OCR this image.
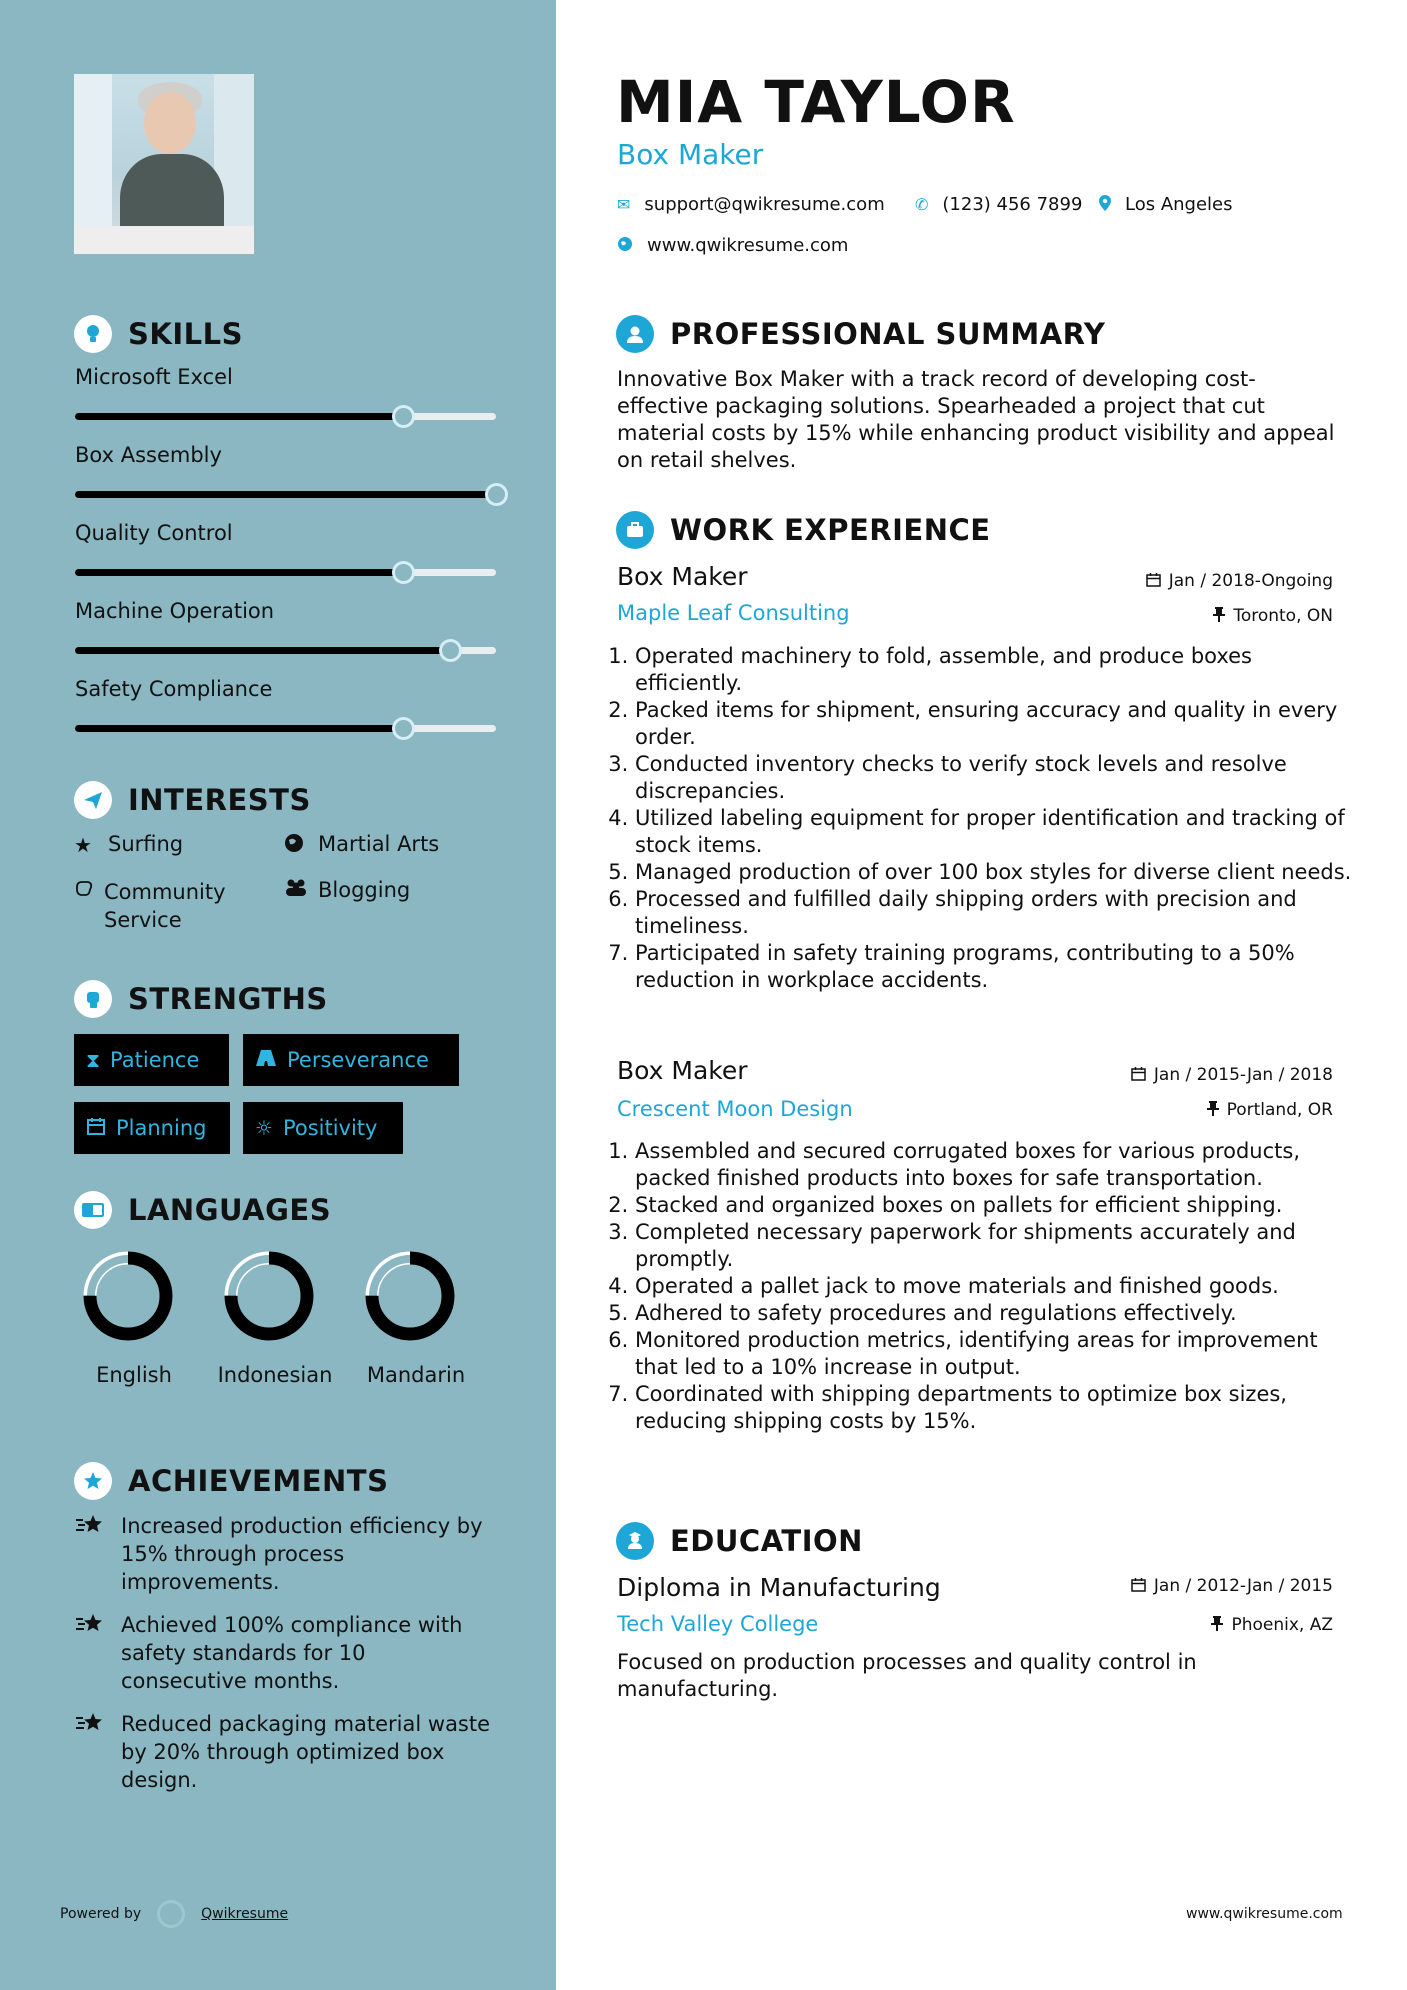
SKILLS
Microsoft Excel
Box Assembly
Quality Control
Machine Operation
Safety Compliance
INTERESTS
★ Surfing	Martial Arts
Community Service
Blogging
STRENGTHS
⧗ Patience	Perseverance
Planning ☼ Positivity
LANGUAGES
English	Indonesian	Mandarin
ACHIEVEMENTS
Increased production efficiency by 15% through process improvements.
Achieved 100% compliance with safety standards for 10 consecutive months.
Reduced packaging material waste by 20% through optimized box design.
Powered by	Qwikresume	www.qwikresume.com
MIA TAYLOR
Box Maker
✉ support@qwikresume.com ✆ (123) 456 7899 Los Angeles
www.qwikresume.com
PROFESSIONAL SUMMARY
Innovative Box Maker with a track record of developing cost-effective packaging solutions. Spearheaded a project that cut material costs by 15% while enhancing product visibility and appeal on retail shelves.
WORK EXPERIENCE
Box Maker	Jan / 2018-Ongoing
Maple Leaf Consulting	Toronto, ON
1. Operated machinery to fold, assemble, and produce boxes efficiently.
2. Packed items for shipment, ensuring accuracy and quality in every order.
3. Conducted inventory checks to verify stock levels and resolve discrepancies.
4. Utilized labeling equipment for proper identification and tracking of stock items.
5. Managed production of over 100 box styles for diverse client needs.
6. Processed and fulfilled daily shipping orders with precision and timeliness.
7. Participated in safety training programs, contributing to a 50% reduction in workplace accidents.
Box Maker	Jan / 2015-Jan / 2018
Crescent Moon Design	Portland, OR
1. Assembled and secured corrugated boxes for various products, packed finished products into boxes for safe transportation.
2. Stacked and organized boxes on pallets for efficient shipping.
3. Completed necessary paperwork for shipments accurately and promptly.
4. Operated a pallet jack to move materials and finished goods.
5. Adhered to safety procedures and regulations effectively.
6. Monitored production metrics, identifying areas for improvement that led to a 10% increase in output.
7. Coordinated with shipping departments to optimize box sizes, reducing shipping costs by 15%.
EDUCATION
Diploma in Manufacturing	Jan / 2012-Jan / 2015
Tech Valley College	Phoenix, AZ
Focused on production processes and quality control in manufacturing.
